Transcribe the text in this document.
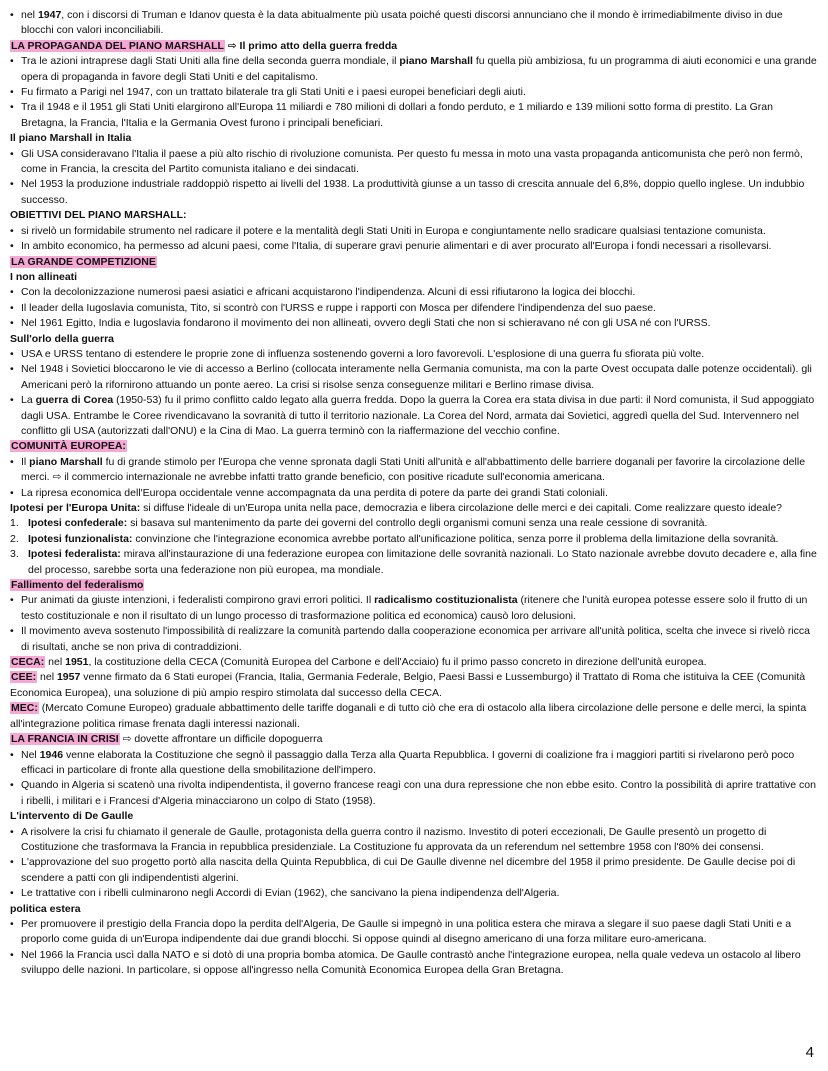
• nel 1947, con i discorsi di Truman e Idanov questa è la data abitualmente più usata poiché questi discorsi annunciano che il mondo è irrimediabilmente diviso in due blocchi con valori inconciliabili.
LA PROPAGANDA DEL PIANO MARSHALL ⇨ Il primo atto della guerra fredda
• Tra le azioni intraprese dagli Stati Uniti alla fine della seconda guerra mondiale, il piano Marshall fu quella più ambiziosa, fu un programma di aiuti economici e una grande opera di propaganda in favore degli Stati Uniti e del capitalismo.
• Fu firmato a Parigi nel 1947, con un trattato bilaterale tra gli Stati Uniti e i paesi europei beneficiari degli aiuti.
• Tra il 1948 e il 1951 gli Stati Uniti elargirono all'Europa 11 miliardi e 780 milioni di dollari a fondo perduto, e 1 miliardo e 139 milioni sotto forma di prestito. La Gran Bretagna, la Francia, l'Italia e la Germania Ovest furono i principali beneficiari.
Il piano Marshall in Italia
• Gli USA consideravano l'Italia il paese a più alto rischio di rivoluzione comunista. Per questo fu messa in moto una vasta propaganda anticomunista che però non fermò, come in Francia, la crescita del Partito comunista italiano e dei sindacati.
• Nel 1953 la produzione industriale raddoppiò rispetto ai livelli del 1938. La produttività giunse a un tasso di crescita annuale del 6,8%, doppio quello inglese. Un indubbio successo.
OBIETTIVI DEL PIANO MARSHALL:
• si rivelò un formidabile strumento nel radicare il potere e la mentalità degli Stati Uniti in Europa e congiuntamente nello sradicare qualsiasi tentazione comunista.
• In ambito economico, ha permesso ad alcuni paesi, come l'Italia, di superare gravi penurie alimentari e di aver procurato all'Europa i fondi necessari a risollevarsi.
LA GRANDE COMPETIZIONE
I non allineati
• Con la decolonizzazione numerosi paesi asiatici e africani acquistarono l'indipendenza. Alcuni di essi rifiutarono la logica dei blocchi.
• Il leader della Iugoslavia comunista, Tito, si scontrò con l'URSS e ruppe i rapporti con Mosca per difendere l'indipendenza del suo paese.
• Nel 1961 Egitto, India e Iugoslavia fondarono il movimento dei non allineati, ovvero degli Stati che non si schieravano né con gli USA né con l'URSS.
Sull'orlo della guerra
• USA e URSS tentano di estendere le proprie zone di influenza sostenendo governi a loro favorevoli. L'esplosione di una guerra fu sfiorata più volte.
• Nel 1948 i Sovietici bloccarono le vie di accesso a Berlino (collocata interamente nella Germania comunista, ma con la parte Ovest occupata dalle potenze occidentali). gli Americani però la rifornirono attuando un ponte aereo. La crisi si risolse senza conseguenze militari e Berlino rimase divisa.
• La guerra di Corea (1950-53) fu il primo conflitto caldo legato alla guerra fredda. Dopo la guerra la Corea era stata divisa in due parti: il Nord comunista, il Sud appoggiato dagli USA. Entrambe le Coree rivendicavano la sovranità di tutto il territorio nazionale. La Corea del Nord, armata dai Sovietici, aggredì quella del Sud. Intervennero nel conflitto gli USA (autorizzati dall'ONU) e la Cina di Mao. La guerra terminò con la riaffermazione del vecchio confine.
COMUNITÀ EUROPEA:
• Il piano Marshall fu di grande stimolo per l'Europa che venne spronata dagli Stati Uniti all'unità e all'abbattimento delle barriere doganali per favorire la circolazione delle merci. ⇨ il commercio internazionale ne avrebbe infatti tratto grande beneficio, con positive ricadute sull'economia americana.
• La ripresa economica dell'Europa occidentale venne accompagnata da una perdita di potere da parte dei grandi Stati coloniali.
Ipotesi per l'Europa Unita: si diffuse l'ideale di un'Europa unita nella pace, democrazia e libera circolazione delle merci e dei capitali. Come realizzare questo ideale?
1. Ipotesi confederale: si basava sul mantenimento da parte dei governi del controllo degli organismi comuni senza una reale cessione di sovranità.
2. Ipotesi funzionalista: convinzione che l'integrazione economica avrebbe portato all'unificazione politica, senza porre il problema della limitazione della sovranità.
3. Ipotesi federalista: mirava all'instaurazione di una federazione europea con limitazione delle sovranità nazionali. Lo Stato nazionale avrebbe dovuto decadere e, alla fine del processo, sarebbe sorta una federazione non più europea, ma mondiale.
Fallimento del federalismo
• Pur animati da giuste intenzioni, i federalisti compirono gravi errori politici. Il radicalismo costituzionalista (ritenere che l'unità europea potesse essere solo il frutto di un testo costituzionale e non il risultato di un lungo processo di trasformazione politica ed economica) causò loro delusioni.
• Il movimento aveva sostenuto l'impossibilità di realizzare la comunità partendo dalla cooperazione economica per arrivare all'unità politica, scelta che invece si rivelò ricca di risultati, anche se non priva di contraddizioni.
CECA: nel 1951, la costituzione della CECA (Comunità Europea del Carbone e dell'Acciaio) fu il primo passo concreto in direzione dell'unità europea.
CEE: nel 1957 venne firmato da 6 Stati europei (Francia, Italia, Germania Federale, Belgio, Paesi Bassi e Lussemburgo) il Trattato di Roma che istituiva la CEE (Comunità Economica Europea), una soluzione di più ampio respiro stimolata dal successo della CECA.
MEC: (Mercato Comune Europeo) graduale abbattimento delle tariffe doganali e di tutto ciò che era di ostacolo alla libera circolazione delle persone e delle merci, la spinta all'integrazione politica rimase frenata dagli interessi nazionali.
LA FRANCIA IN CRISI ⇨ dovette affrontare un difficile dopoguerra
• Nel 1946 venne elaborata la Costituzione che segnò il passaggio dalla Terza alla Quarta Repubblica. I governi di coalizione fra i maggiori partiti si rivelarono però poco efficaci in particolare di fronte alla questione della smobilitazione dell'impero.
• Quando in Algeria si scatenò una rivolta indipendentista, il governo francese reagì con una dura repressione che non ebbe esito. Contro la possibilità di aprire trattative con i ribelli, i militari e i Francesi d'Algeria minacciarono un colpo di Stato (1958).
L'intervento di De Gaulle
• A risolvere la crisi fu chiamato il generale de Gaulle, protagonista della guerra contro il nazismo. Investito di poteri eccezionali, De Gaulle presentò un progetto di Costituzione che trasformava la Francia in repubblica presidenziale. La Costituzione fu approvata da un referendum nel settembre 1958 con l'80% dei consensi.
• L'approvazione del suo progetto portò alla nascita della Quinta Repubblica, di cui De Gaulle divenne nel dicembre del 1958 il primo presidente. De Gaulle decise poi di scendere a patti con gli indipendentisti algerini.
• Le trattative con i ribelli culminarono negli Accordi di Evian (1962), che sancivano la piena indipendenza dell'Algeria.
politica estera
• Per promuovere il prestigio della Francia dopo la perdita dell'Algeria, De Gaulle si impegnò in una politica estera che mirava a slegare il suo paese dagli Stati Uniti e a proporlo come guida di un'Europa indipendente dai due grandi blocchi. Si oppose quindi al disegno americano di una forza militare euro-americana.
• Nel 1966 la Francia uscì dalla NATO e si dotò di una propria bomba atomica. De Gaulle contrastò anche l'integrazione europea, nella quale vedeva un ostacolo al libero sviluppo delle nazioni. In particolare, si oppose all'ingresso nella Comunità Economica Europea della Gran Bretagna.
4
